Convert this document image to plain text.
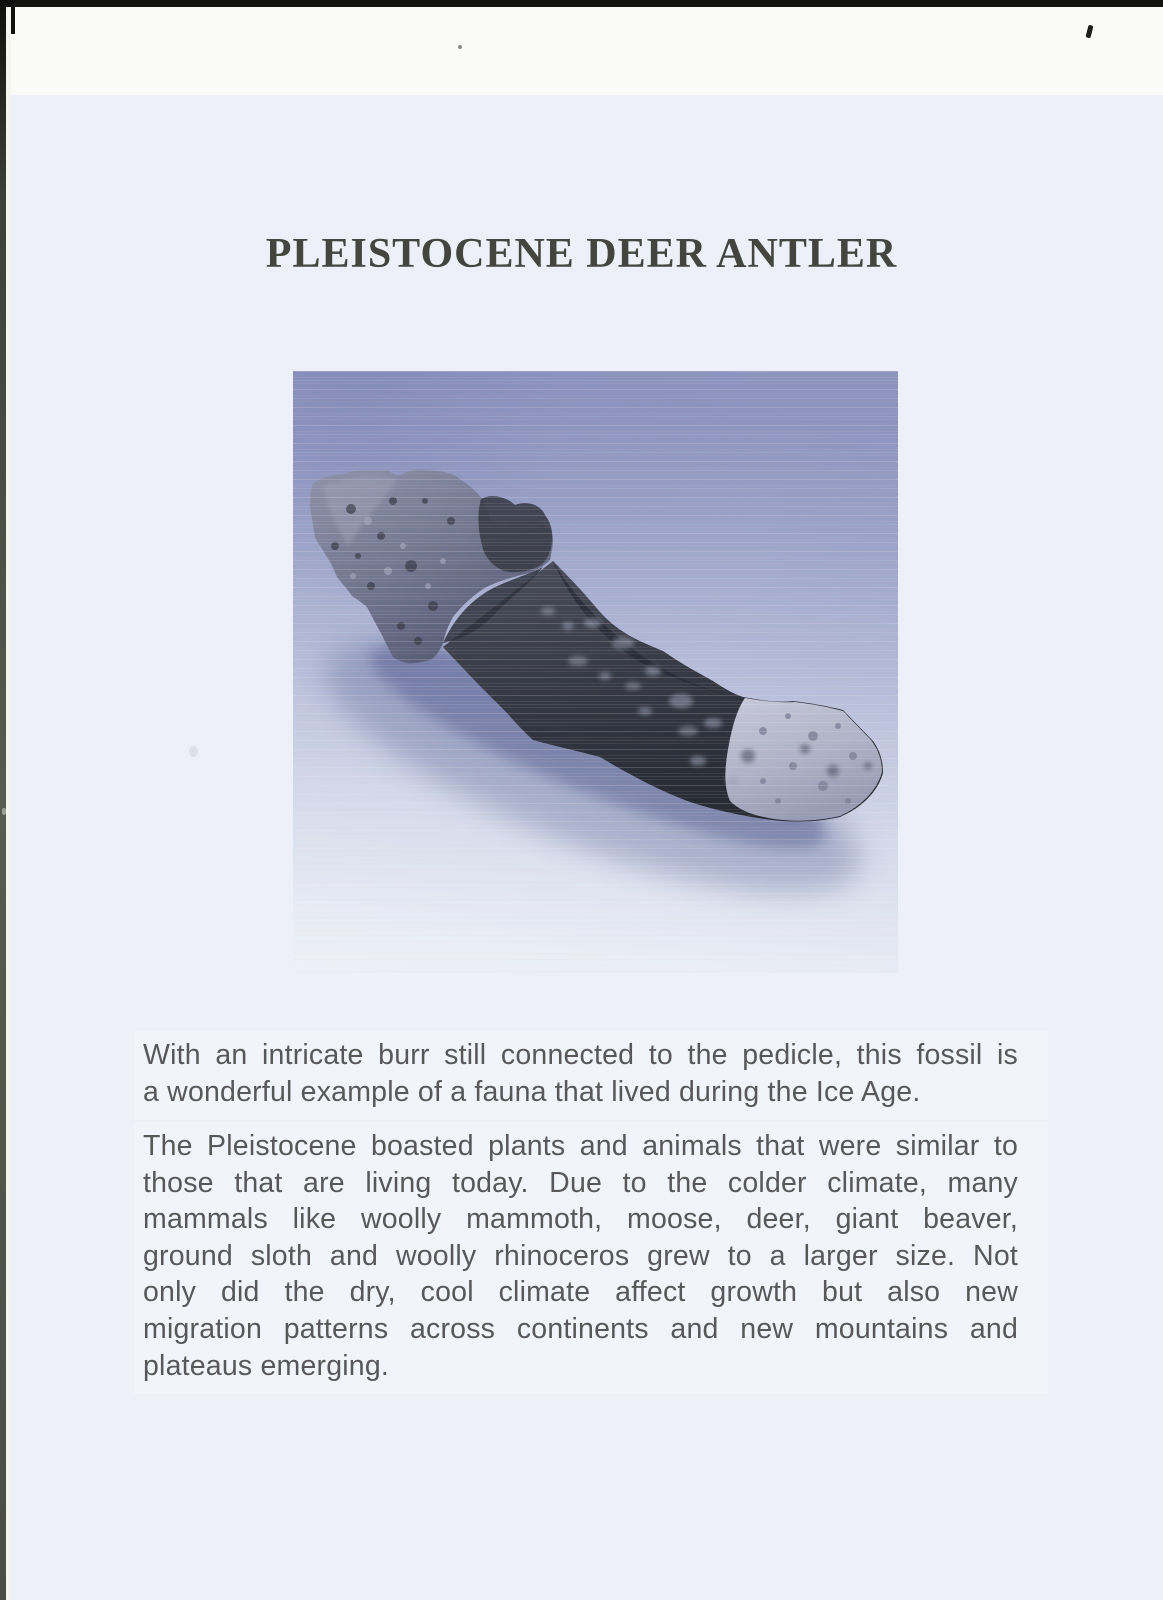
PLEISTOCENE DEER ANTLER
With an intricate burr still connected to the pedicle, this fossil is
a wonderful example of a fauna that lived during the Ice Age.
The Pleistocene boasted plants and animals that were similar to
those that are living today. Due to the colder climate, many
mammals like woolly mammoth, moose, deer, giant beaver,
ground sloth and woolly rhinoceros grew to a larger size. Not
only did the dry, cool climate affect growth but also new
migration patterns across continents and new mountains and
plateaus emerging.
